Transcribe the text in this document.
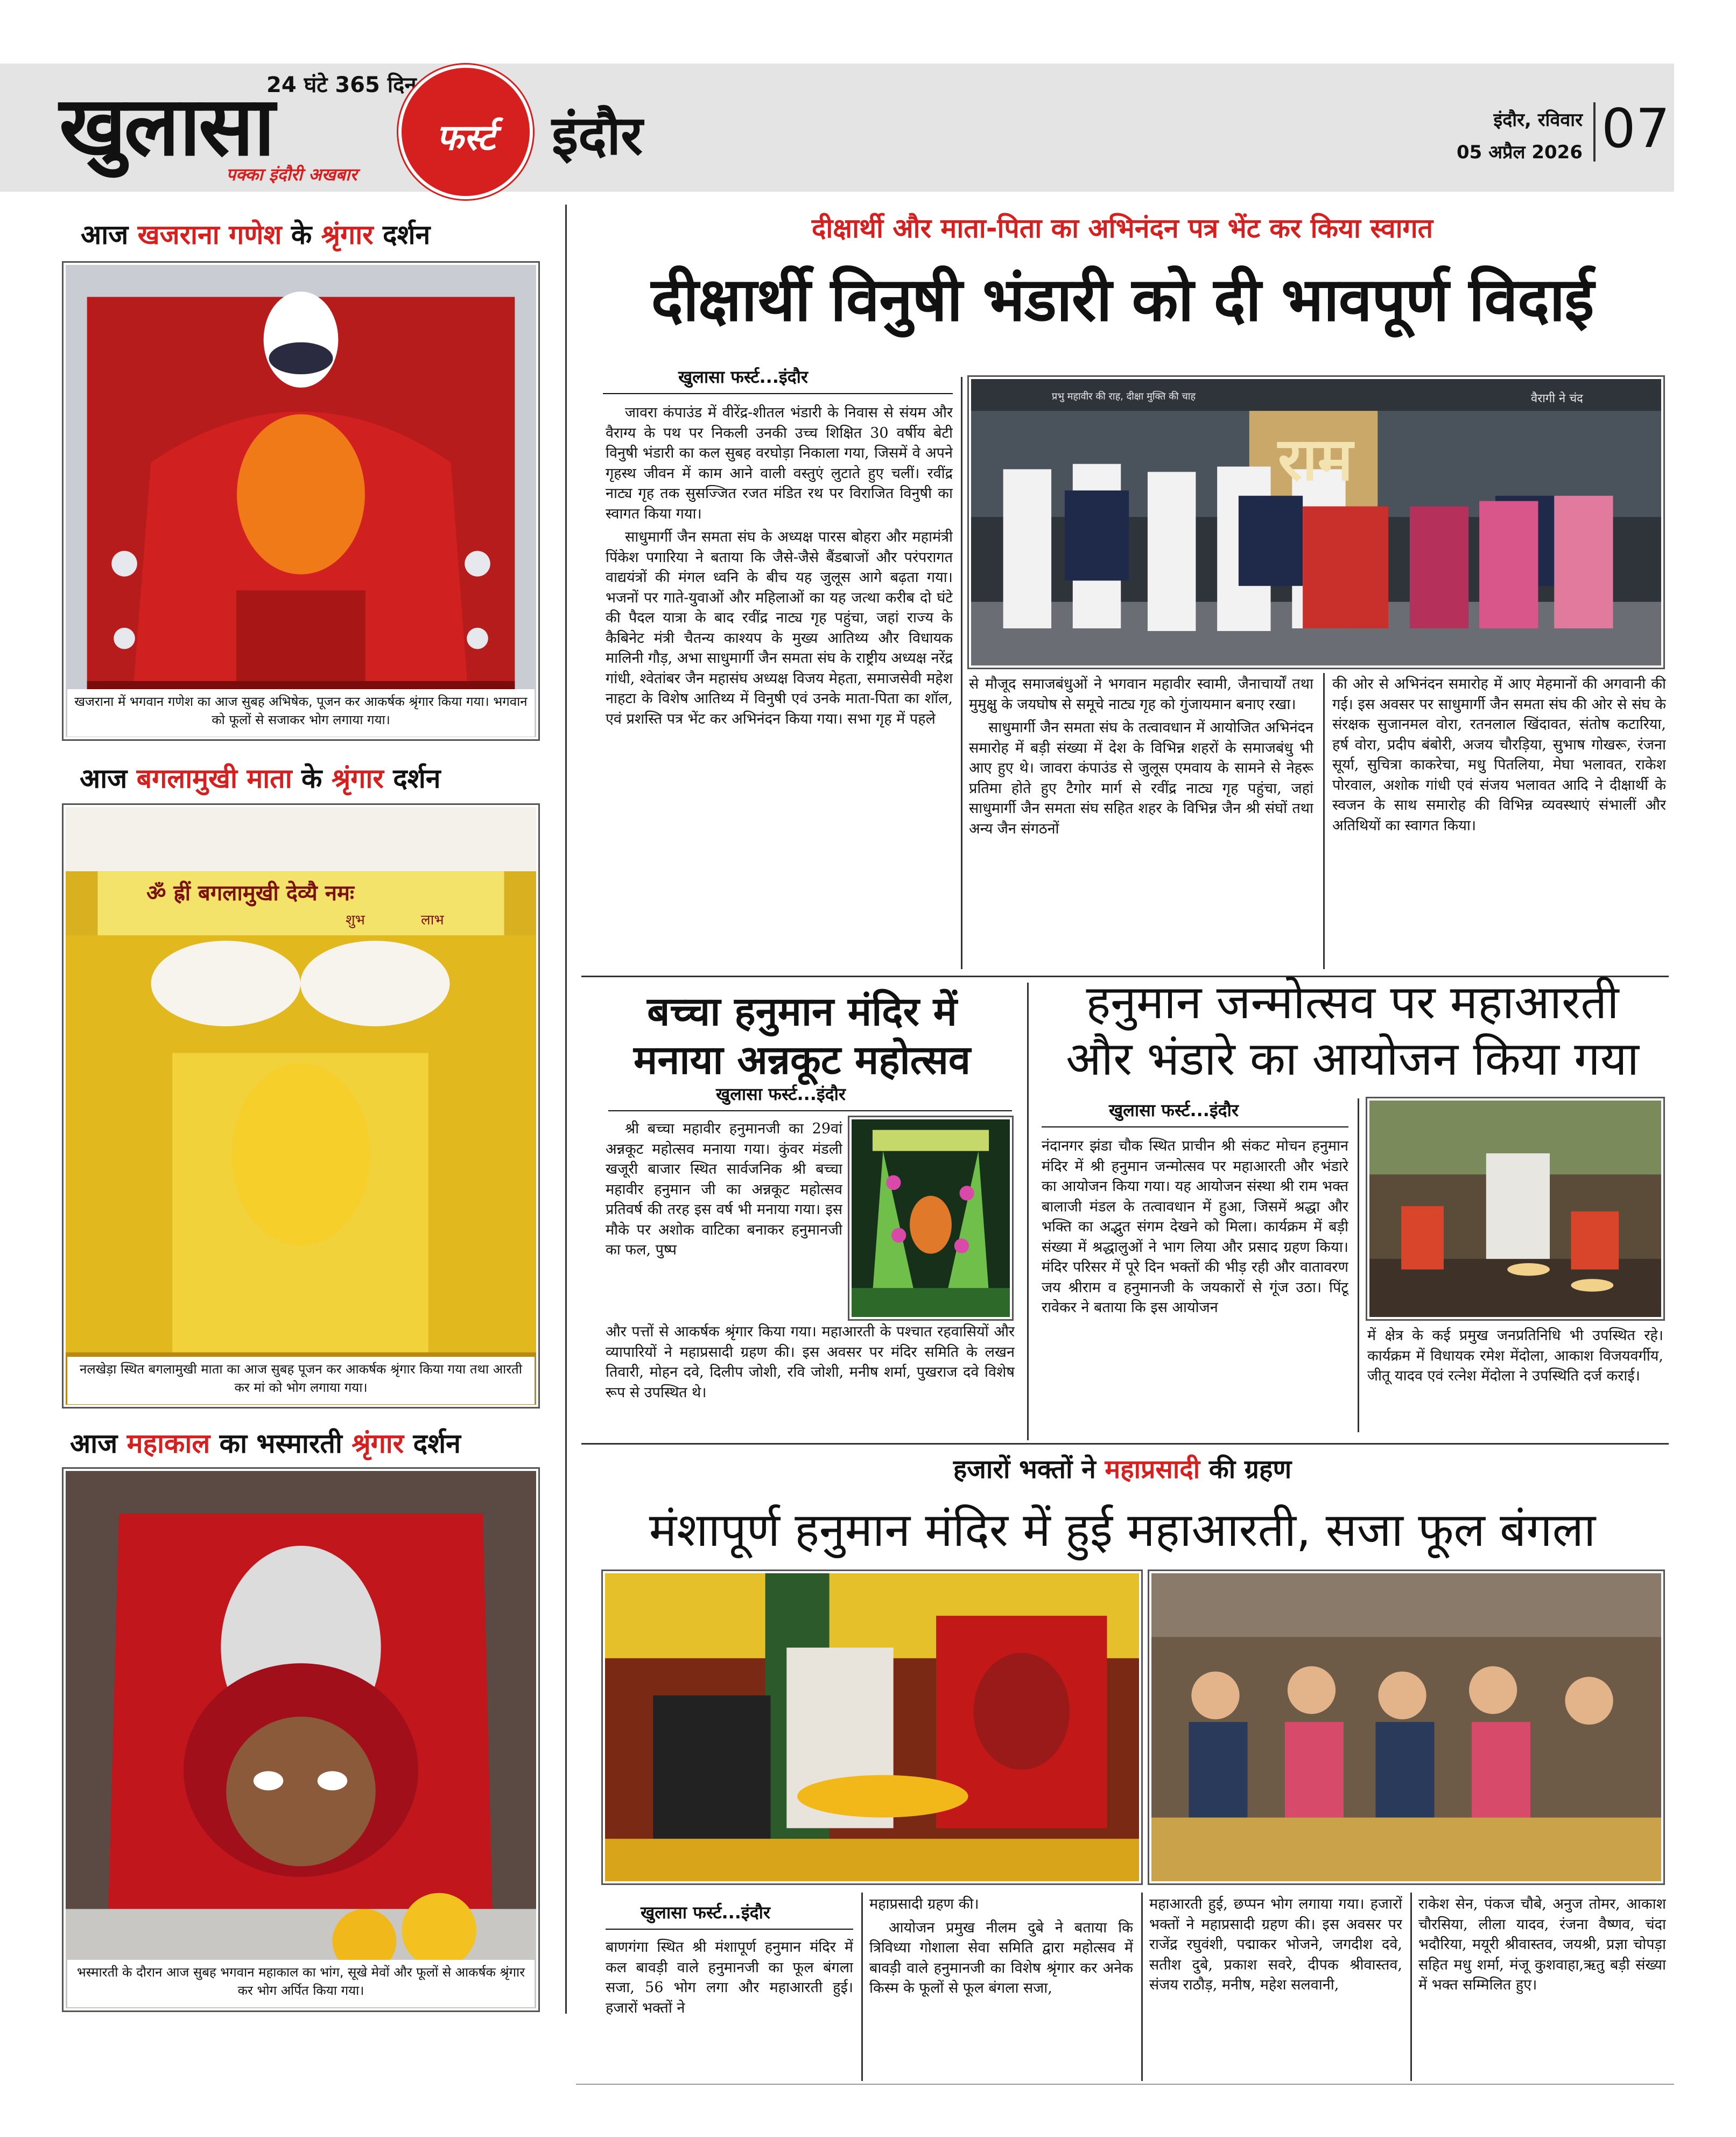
24 घंटे 365 दिन
खुलासा	फर्स्ट
पक्का इंदौरी अखबार
इंदौर	इंदौर, रविवार
05 अप्रैल 2026 07
आज खजराना गणेश के श्रृंगार दर्शन
खजराना में भगवान गणेश का आज सुबह अभिषेक, पूजन कर आकर्षक श्रृंगार किया गया। भगवान को फूलों से सजाकर भोग लगाया गया।
आज बगलामुखी माता के श्रृंगार दर्शन
ॐ ह्रीं बगलामुखी देव्यै नमः
शुभ	लाभ
नलखेड़ा स्थित बगलामुखी माता का आज सुबह पूजन कर आकर्षक श्रृंगार किया गया तथा आरती कर मां को भोग लगाया गया।
आज महाकाल का भस्मारती श्रृंगार दर्शन
भस्मारती के दौरान आज सुबह भगवान महाकाल का भांग, सूखे मेवों और फूलों से आकर्षक श्रृंगार कर भोग अर्पित किया गया।
दीक्षार्थी और माता-पिता का अभिनंदन पत्र भेंट कर किया स्वागत
दीक्षार्थी विनुषी भंडारी को दी भावपूर्ण विदाई
खुलासा फर्स्ट...इंदौर

जावरा कंपाउंड में वीरेंद्र-शीतल भंडारी के निवास से संयम और वैराग्य के पथ पर निकली उनकी उच्च शिक्षित 30 वर्षीय बेटी विनुषी भंडारी का कल सुबह वरघोड़ा निकाला गया, जिसमें वे अपने गृहस्थ जीवन में काम आने वाली वस्तुएं लुटाते हुए चलीं। रवींद्र नाट्य गृह तक सुसज्जित रजत मंडित रथ पर विराजित विनुषी का स्वागत किया गया।

साधुमार्गी जैन समता संघ के अध्यक्ष पारस बोहरा और महामंत्री पिंकेश पगारिया ने बताया कि जैसे-जैसे बैंडबाजों और परंपरागत वाद्ययंत्रों की मंगल ध्वनि के बीच यह जुलूस आगे बढ़ता गया। भजनों पर गाते-युवाओं और महिलाओं का यह जत्था करीब दो घंटे की पैदल यात्रा के बाद रवींद्र नाट्य गृह पहुंचा, जहां राज्य के कैबिनेट मंत्री चैतन्य काश्यप के मुख्य आतिथ्य और विधायक मालिनी गौड़, अभा साधुमार्गी जैन समता संघ के राष्ट्रीय अध्यक्ष नरेंद्र गांधी, श्वेतांबर जैन महासंघ अध्यक्ष विजय मेहता, समाजसेवी महेश नाहटा के विशेष आतिथ्य में विनुषी एवं उनके माता-पिता का शॉल, एवं प्रशस्ति पत्र भेंट कर अभिनंदन किया गया। सभा गृह में पहले

प्रभु महावीर की राह, दीक्षा मुक्ति की चाह
राम
वैरागी ने चंद

से मौजूद समाजबंधुओं ने भगवान महावीर स्वामी, जैनाचार्यों तथा मुमुक्षु के जयघोष से समूचे नाट्य गृह को गुंजायमान बनाए रखा।

साधुमार्गी जैन समता संघ के तत्वावधान में आयोजित अभिनंदन समारोह में बड़ी संख्या में देश के विभिन्न शहरों के समाजबंधु भी आए हुए थे। जावरा कंपाउंड से जुलूस एमवाय के सामने से नेहरू प्रतिमा होते हुए टैगोर मार्ग से रवींद्र नाट्य गृह पहुंचा, जहां साधुमार्गी जैन समता संघ सहित शहर के विभिन्न जैन श्री संघों तथा अन्य जैन संगठनों

की ओर से अभिनंदन समारोह में आए मेहमानों की अगवानी की गई। इस अवसर पर साधुमार्गी जैन समता संघ की ओर से संघ के संरक्षक सुजानमल वोरा, रतनलाल खिंदावत, संतोष कटारिया, हर्ष वोरा, प्रदीप बंबोरी, अजय चौरड़िया, सुभाष गोखरू, रंजना सूर्या, सुचित्रा काकरेचा, मधु पितलिया, मेघा भलावत, राकेश पोरवाल, अशोक गांधी एवं संजय भलावत आदि ने दीक्षार्थी के स्वजन के साथ समारोह की विभिन्न व्यवस्थाएं संभालीं और अतिथियों का स्वागत किया।

बच्चा हनुमान मंदिर में
मनाया अन्नकूट महोत्सव
खुलासा फर्स्ट...इंदौर
श्री बच्चा महावीर हनुमानजी का 29वां अन्नकूट महोत्सव मनाया गया। कुंवर मंडली खजूरी बाजार स्थित सार्वजनिक श्री बच्चा महावीर हनुमान जी का अन्नकूट महोत्सव प्रतिवर्ष की तरह इस वर्ष भी मनाया गया। इस मौके पर अशोक वाटिका बनाकर हनुमानजी का फल, पुष्प
और पत्तों से आकर्षक श्रृंगार किया गया। महाआरती के पश्चात रहवासियों और व्यापारियों ने महाप्रसादी ग्रहण की। इस अवसर पर मंदिर समिति के लखन तिवारी, मोहन दवे, दिलीप जोशी, रवि जोशी, मनीष शर्मा, पुखराज दवे विशेष रूप से उपस्थित थे।
हनुमान जन्मोत्सव पर महाआरती
और भंडारे का आयोजन किया गया
खुलासा फर्स्ट...इंदौर
नंदानगर झंडा चौक स्थित प्राचीन श्री संकट मोचन हनुमान मंदिर में श्री हनुमान जन्मोत्सव पर महाआरती और भंडारे का आयोजन किया गया। यह आयोजन संस्था श्री राम भक्त बालाजी मंडल के तत्वावधान में हुआ, जिसमें श्रद्धा और भक्ति का अद्भुत संगम देखने को मिला। कार्यक्रम में बड़ी संख्या में श्रद्धालुओं ने भाग लिया और प्रसाद ग्रहण किया। मंदिर परिसर में पूरे दिन भक्तों की भीड़ रही और वातावरण जय श्रीराम व हनुमानजी के जयकारों से गूंज उठा। पिंटू रावेकर ने बताया कि इस आयोजन
में क्षेत्र के कई प्रमुख जनप्रतिनिधि भी उपस्थित रहे। कार्यक्रम में विधायक रमेश मेंदोला, आकाश विजयवर्गीय, जीतू यादव एवं रत्नेश मेंदोला ने उपस्थिति दर्ज कराई।
हजारों भक्तों ने महाप्रसादी की ग्रहण
मंशापूर्ण हनुमान मंदिर में हुई महाआरती, सजा फूल बंगला
खुलासा फर्स्ट...इंदौर
बाणगंगा स्थित श्री मंशापूर्ण हनुमान मंदिर में कल बावड़ी वाले हनुमानजी का फूल बंगला सजा, 56 भोग लगा और महाआरती हुई। हजारों भक्तों ने

महाप्रसादी ग्रहण की।

आयोजन प्रमुख नीलम दुबे ने बताया कि त्रिविध्या गोशाला सेवा समिति द्वारा महोत्सव में बावड़ी वाले हनुमानजी का विशेष श्रृंगार कर अनेक किस्म के फूलों से फूल बंगला सजा,

महाआरती हुई, छप्पन भोग लगाया गया। हजारों भक्तों ने महाप्रसादी ग्रहण की। इस अवसर पर राजेंद्र रघुवंशी, पद्माकर भोजने, जगदीश दवे, सतीश दुबे, प्रकाश सवरे, दीपक श्रीवास्तव, संजय राठौड़, मनीष, महेश सलवानी,
राकेश सेन, पंकज चौबे, अनुज तोमर, आकाश चौरसिया, लीला यादव, रंजना वैष्णव, चंदा भदौरिया, मयूरी श्रीवास्तव, जयश्री, प्रज्ञा चोपड़ा सहित मधु शर्मा, मंजू कुशवाहा,ऋतु बड़ी संख्या में भक्त सम्मिलित हुए।
